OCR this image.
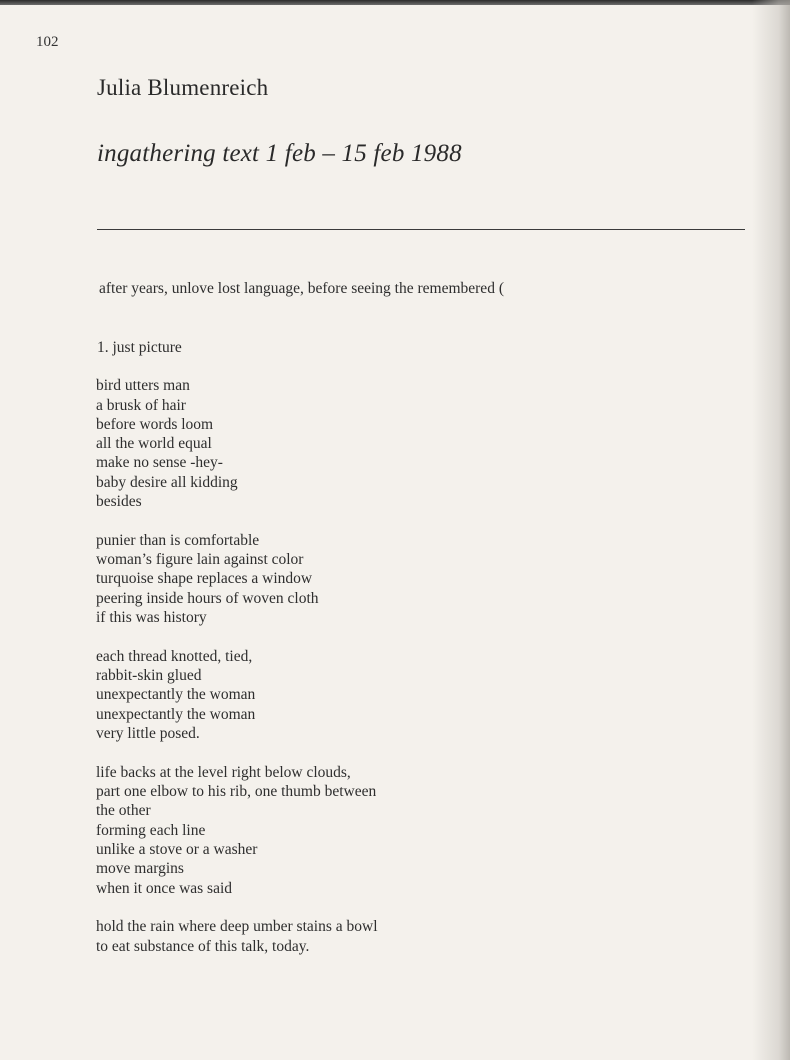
102
Julia Blumenreich
ingathering text 1 feb – 15 feb 1988
after years, unlove lost language, before seeing the remembered (
1. just picture
bird utters man
a brusk of hair
before words loom
all the world equal
make no sense -hey-
baby desire all kidding
besides
punier than is comfortable
woman’s figure lain against color
turquoise shape replaces a window
peering inside hours of woven cloth
if this was history
each thread knotted, tied,
rabbit-skin glued
unexpectantly the woman
unexpectantly the woman
very little posed.
life backs at the level right below clouds,
part one elbow to his rib, one thumb between
the other
forming each line
unlike a stove or a washer
move margins
when it once was said
hold the rain where deep umber stains a bowl
to eat substance of this talk, today.
